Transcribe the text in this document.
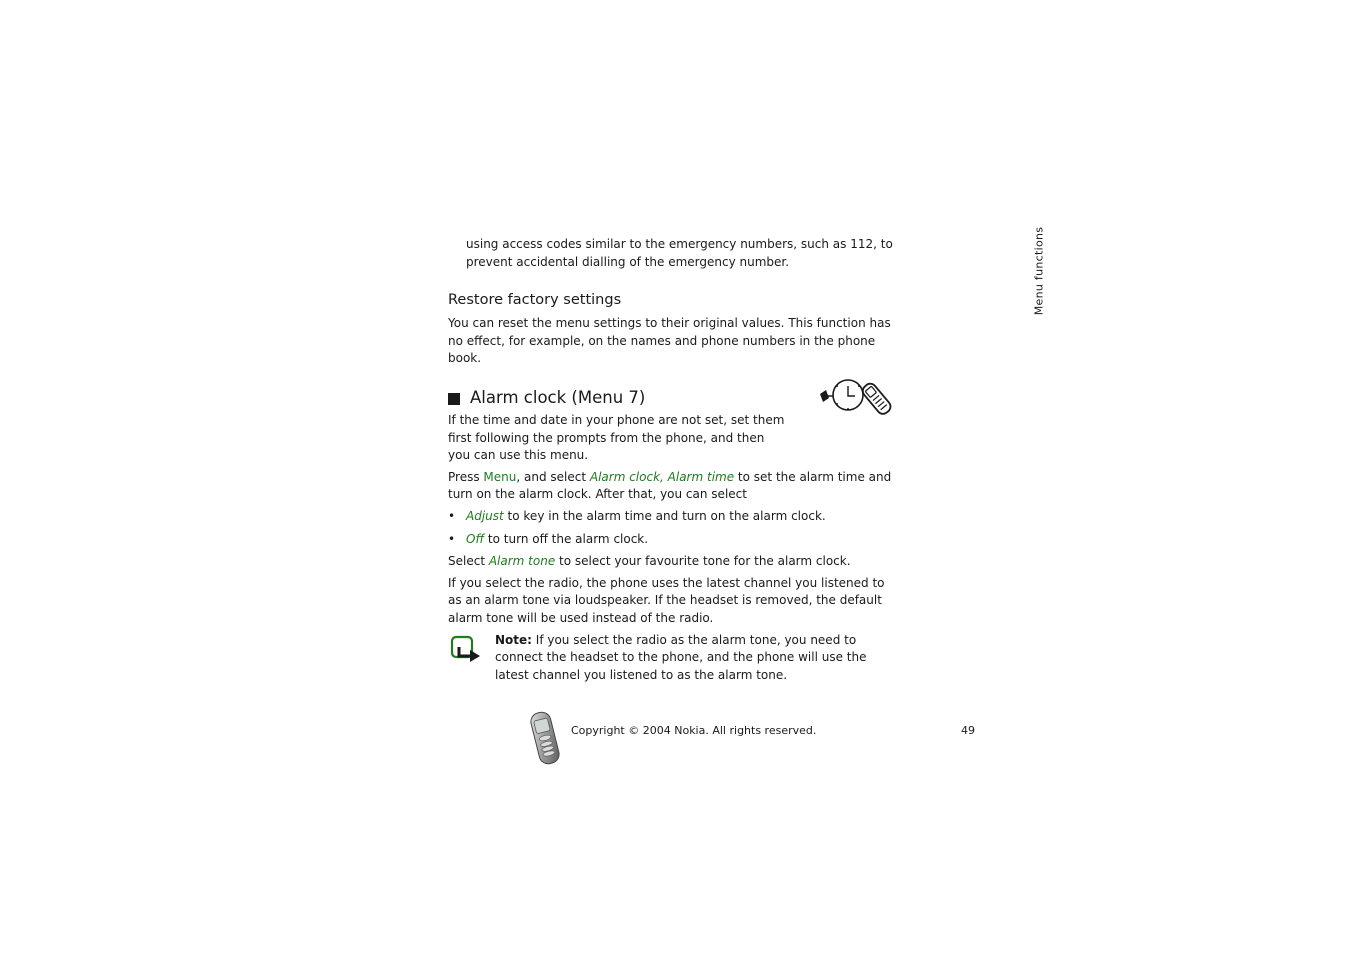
Menu functions

using access codes similar to the emergency numbers, such as 112, to prevent accidental dialling of the emergency number.

Restore factory settings

You can reset the menu settings to their original values. This function has no effect, for example, on the names and phone numbers in the phone book.

Alarm clock (Menu 7)

If the time and date in your phone are not set, set them first following the prompts from the phone, and then you can use this menu.

Press Menu, and select Alarm clock, Alarm time to set the alarm time and turn on the alarm clock. After that, you can select

• Adjust to key in the alarm time and turn on the alarm clock.
• Off to turn off the alarm clock.

Select Alarm tone to select your favourite tone for the alarm clock.

If you select the radio, the phone uses the latest channel you listened to as an alarm tone via loudspeaker. If the headset is removed, the default alarm tone will be used instead of the radio.

Note: If you select the radio as the alarm tone, you need to connect the headset to the phone, and the phone will use the latest channel you listened to as the alarm tone.

Copyright © 2004 Nokia. All rights reserved.	49
